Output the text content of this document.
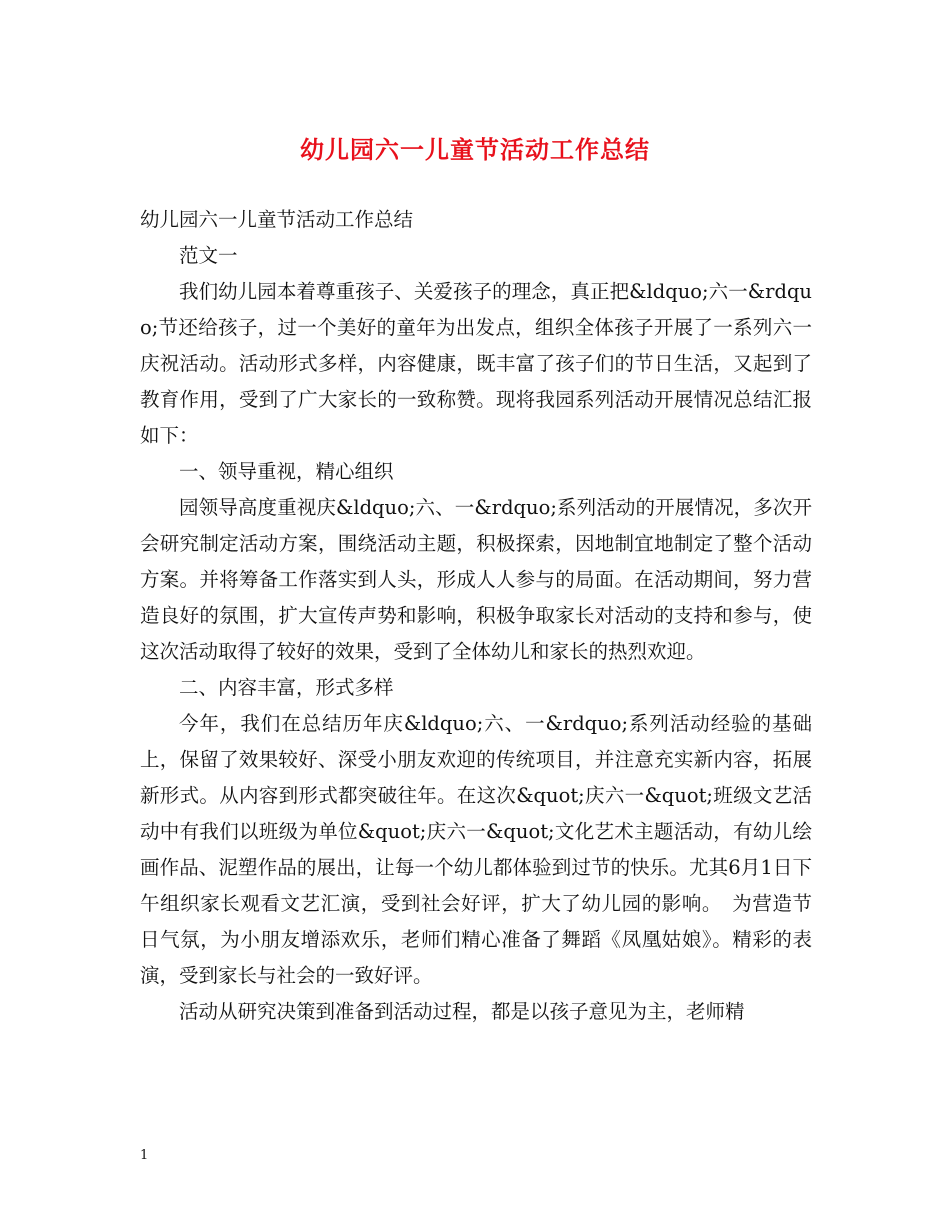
幼儿园六一儿童节活动工作总结

幼儿园六一儿童节活动工作总结

范文一

我们幼儿园本着尊重孩子、关爱孩子的理念，真正把&ldquo;六一&rdquo;节还给孩子，过一个美好的童年为出发点，组织全体孩子开展了一系列六一庆祝活动。活动形式多样，内容健康，既丰富了孩子们的节日生活，又起到了教育作用，受到了广大家长的一致称赞。现将我园系列活动开展情况总结汇报如下：

一、领导重视，精心组织

园领导高度重视庆&ldquo;六、一&rdquo;系列活动的开展情况，多次开会研究制定活动方案，围绕活动主题，积极探索，因地制宜地制定了整个活动方案。并将筹备工作落实到人头，形成人人参与的局面。在活动期间，努力营造良好的氛围，扩大宣传声势和影响，积极争取家长对活动的支持和参与，使这次活动取得了较好的效果，受到了全体幼儿和家长的热烈欢迎。

二、内容丰富，形式多样

今年，我们在总结历年庆&ldquo;六、一&rdquo;系列活动经验的基础上，保留了效果较好、深受小朋友欢迎的传统项目，并注意充实新内容，拓展新形式。从内容到形式都突破往年。在这次&quot;庆六一&quot;班级文艺活动中有我们以班级为单位&quot;庆六一&quot;文化艺术主题活动，有幼儿绘画作品、泥塑作品的展出，让每一个幼儿都体验到过节的快乐。尤其6月1日下午组织家长观看文艺汇演，受到社会好评，扩大了幼儿园的影响。　为营造节日气氛，为小朋友增添欢乐，老师们精心准备了舞蹈《凤凰姑娘》。精彩的表演，受到家长与社会的一致好评。

活动从研究决策到准备到活动过程，都是以孩子意见为主，老师精

1
